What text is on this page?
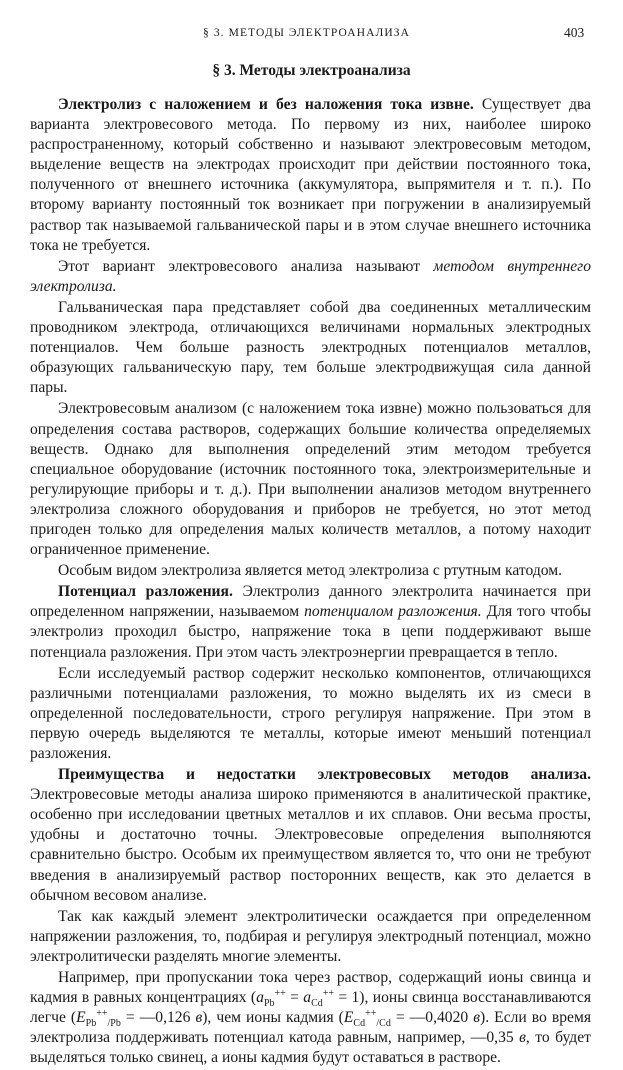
§ 3. МЕТОДЫ ЭЛЕКТРОАНАЛИЗА	403
§ 3. Методы электроанализа

Электролиз с наложением и без наложения тока извне. Существует два варианта электровесового метода. По первому из них, наиболее широко распространенному, который собственно и называют электровесовым методом, выделение веществ на электродах происходит при действии постоянного тока, полученного от внешнего источника (аккумулятора, выпрямителя и т. п.). По второму варианту постоянный ток возникает при погружении в анализируемый раствор так называемой гальванической пары и в этом случае внешнего источника тока не требуется.

Этот вариант электровесового анализа называют методом внутреннего электролиза.

Гальваническая пара представляет собой два соединенных металлическим проводником электрода, отличающихся величинами нормальных электродных потенциалов. Чем больше разность электродных потенциалов металлов, образующих гальваническую пару, тем больше электродвижущая сила данной пары.

Электровесовым анализом (с наложением тока извне) можно пользоваться для определения состава растворов, содержащих большие количества определяемых веществ. Однако для выполнения определений этим методом требуется специальное оборудование (источник постоянного тока, электроизмерительные и регулирующие приборы и т. д.). При выполнении анализов методом внутреннего электролиза сложного оборудования и приборов не требуется, но этот метод пригоден только для определения малых количеств металлов, а потому находит ограниченное применение.

Особым видом электролиза является метод электролиза с ртутным катодом.

Потенциал разложения. Электролиз данного электролита начинается при определенном напряжении, называемом потенциалом разложения. Для того чтобы электролиз проходил быстро, напряжение тока в цепи поддерживают выше потенциала разложения. При этом часть электроэнергии превращается в тепло.

Если исследуемый раствор содержит несколько компонентов, отличающихся различными потенциалами разложения, то можно выделять их из смеси в определенной последовательности, строго регулируя напряжение. При этом в первую очередь выделяются те металлы, которые имеют меньший потенциал разложения.

Преимущества и недостатки электровесовых методов анализа. Электровесовые методы анализа широко применяются в аналитической практике, особенно при исследовании цветных металлов и их сплавов. Они весьма просты, удобны и достаточно точны. Электровесовые определения выполняются сравнительно быстро. Особым их преимуществом является то, что они не требуют введения в анализируемый раствор посторонних веществ, как это делается в обычном весовом анализе.

Так как каждый элемент электролитически осаждается при определенном напряжении разложения, то, подбирая и регулируя электродный потенциал, можно электролитически разделять многие элементы.

Например, при пропускании тока через раствор, содержащий ионы свинца и кадмия в равных концентрациях $(a_{Pb}^{++} = a_{Cd}^{++} = 1)$, ионы свинца восстанавливаются легче ($E_{Pb}^{++}_{/Pb}$ = —0,126 в), чем ионы кадмия ($E_{Cd}^{++}_{/Cd}$ = —0,4020 в). Если во время электролиза поддерживать потенциал катода равным, например, —0,35 в, то будет выделяться только свинец, а ионы кадмия будут оставаться в растворе.
